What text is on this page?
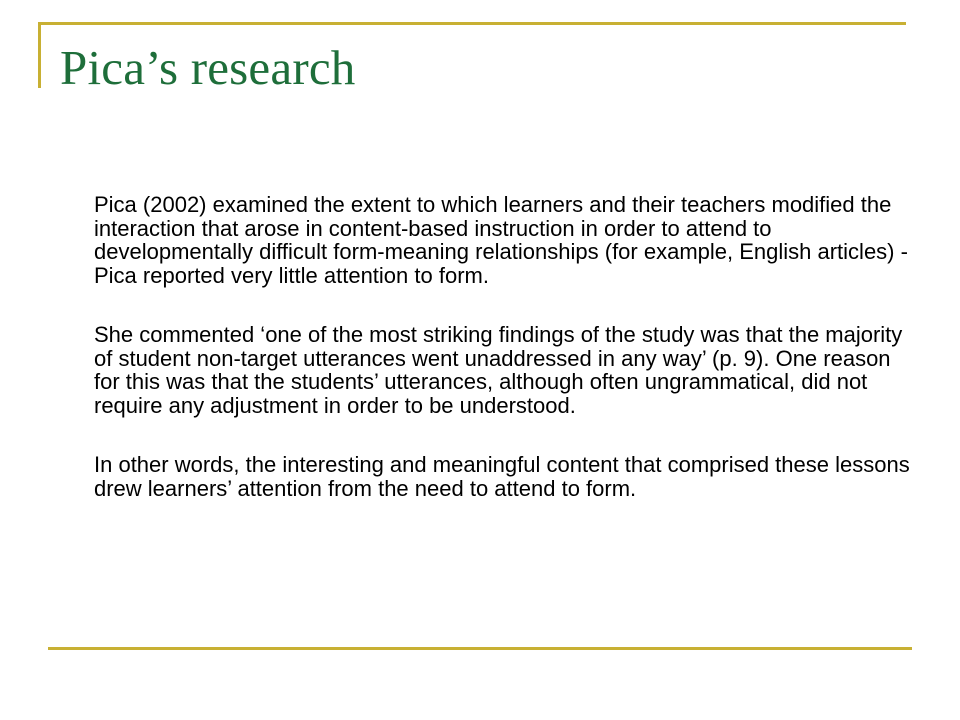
Pica’s research

Pica (2002) examined the extent to which learners and their teachers modified the interaction that arose in content-based instruction in order to attend to developmentally difficult form-meaning relationships (for example, English articles) - Pica reported very little attention to form.

She commented ‘one of the most striking findings of the study was that the majority of student non-target utterances went unaddressed in any way’ (p. 9). One reason for this was that the students’ utterances, although often ungrammatical, did not require any adjustment in order to be understood.

In other words, the interesting and meaningful content that comprised these lessons drew learners’ attention from the need to attend to form.
